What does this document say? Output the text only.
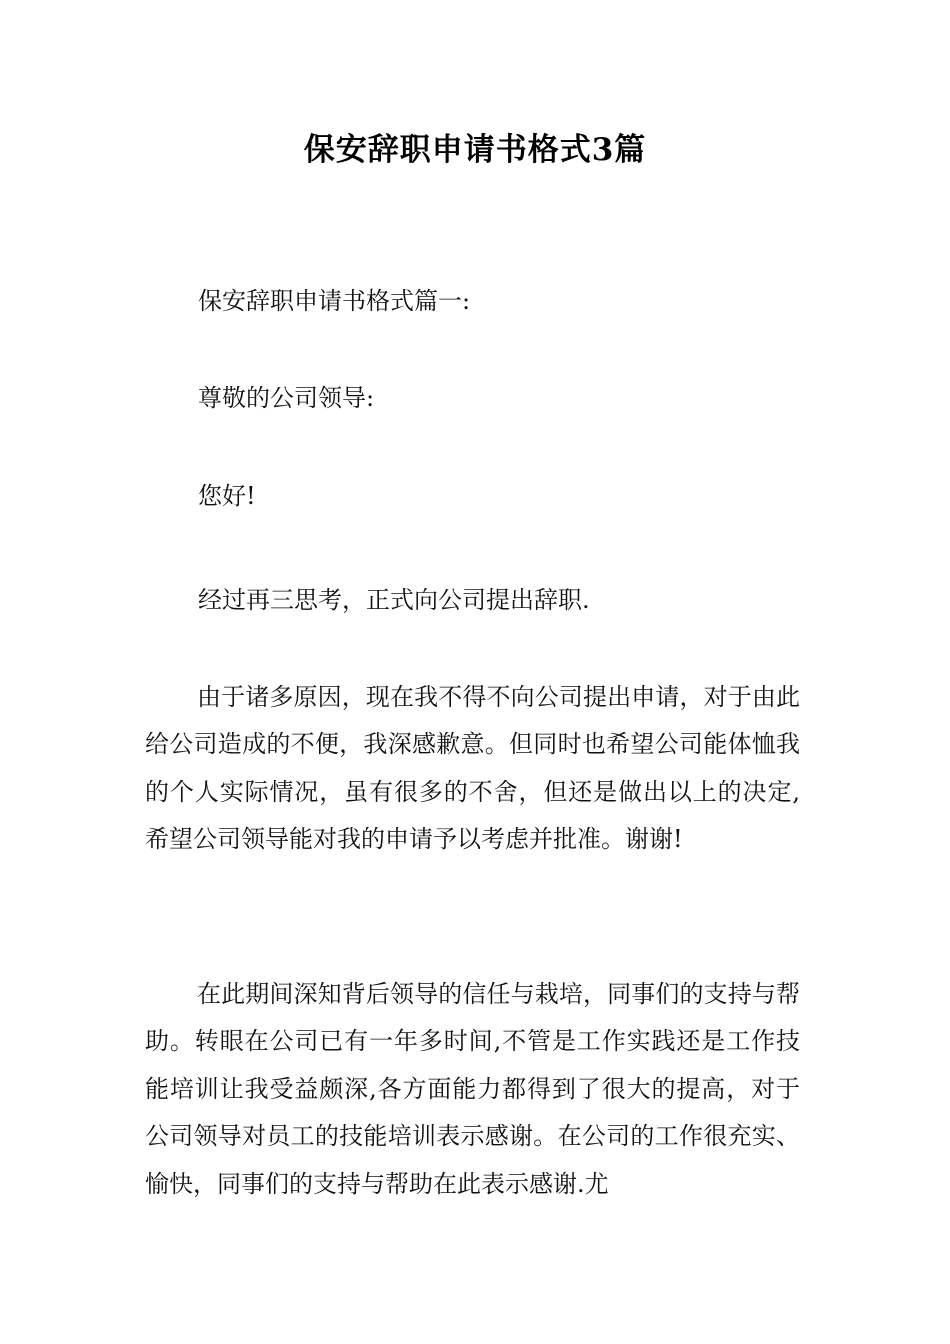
保安辞职申请书格式3篇
保安辞职申请书格式篇一:
尊敬的公司领导:
您好!
经过再三思考，正式向公司提出辞职.
由于诸多原因，现在我不得不向公司提出申请，对于由此给公司造成的不便，我深感歉意。但同时也希望公司能体恤我的个人实际情况，虽有很多的不舍，但还是做出以上的决定,希望公司领导能对我的申请予以考虑并批准。谢谢!
在此期间深知背后领导的信任与栽培，同事们的支持与帮助。转眼在公司已有一年多时间,不管是工作实践还是工作技能培训让我受益颇深,各方面能力都得到了很大的提高，对于公司领导对员工的技能培训表示感谢。在公司的工作很充实、愉快，同事们的支持与帮助在此表示感谢.尤
